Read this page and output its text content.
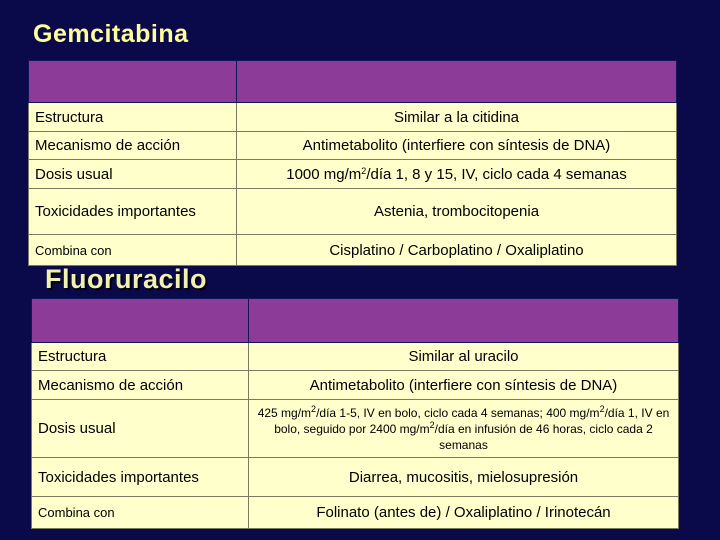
Gemcitabina

Estructura	Similar a la citidina
Mecanismo de acción	Antimetabolito (interfiere con síntesis de DNA)
Dosis usual	1000 $mg/m^2$/día 1, 8 y 15, IV, ciclo cada 4 semanas
Toxicidades importantes	Astenia, trombocitopenia
Combina con	Cisplatino / Carboplatino / Oxaliplatino
Fluoruracilo

Estructura	Similar al uracilo
Mecanismo de acción	Antimetabolito (interfiere con síntesis de DNA)
Dosis usual	425 $mg/m^2$/día 1-5, IV en bolo, ciclo cada 4 semanas; 400 $mg/m^2$/día 1, IV en bolo, seguido por 2400 $mg/m^2$/día en infusión de 46 horas, ciclo cada 2 semanas
Toxicidades importantes	Diarrea, mucositis, mielosupresión
Combina con	Folinato (antes de) / Oxaliplatino / Irinotecán
